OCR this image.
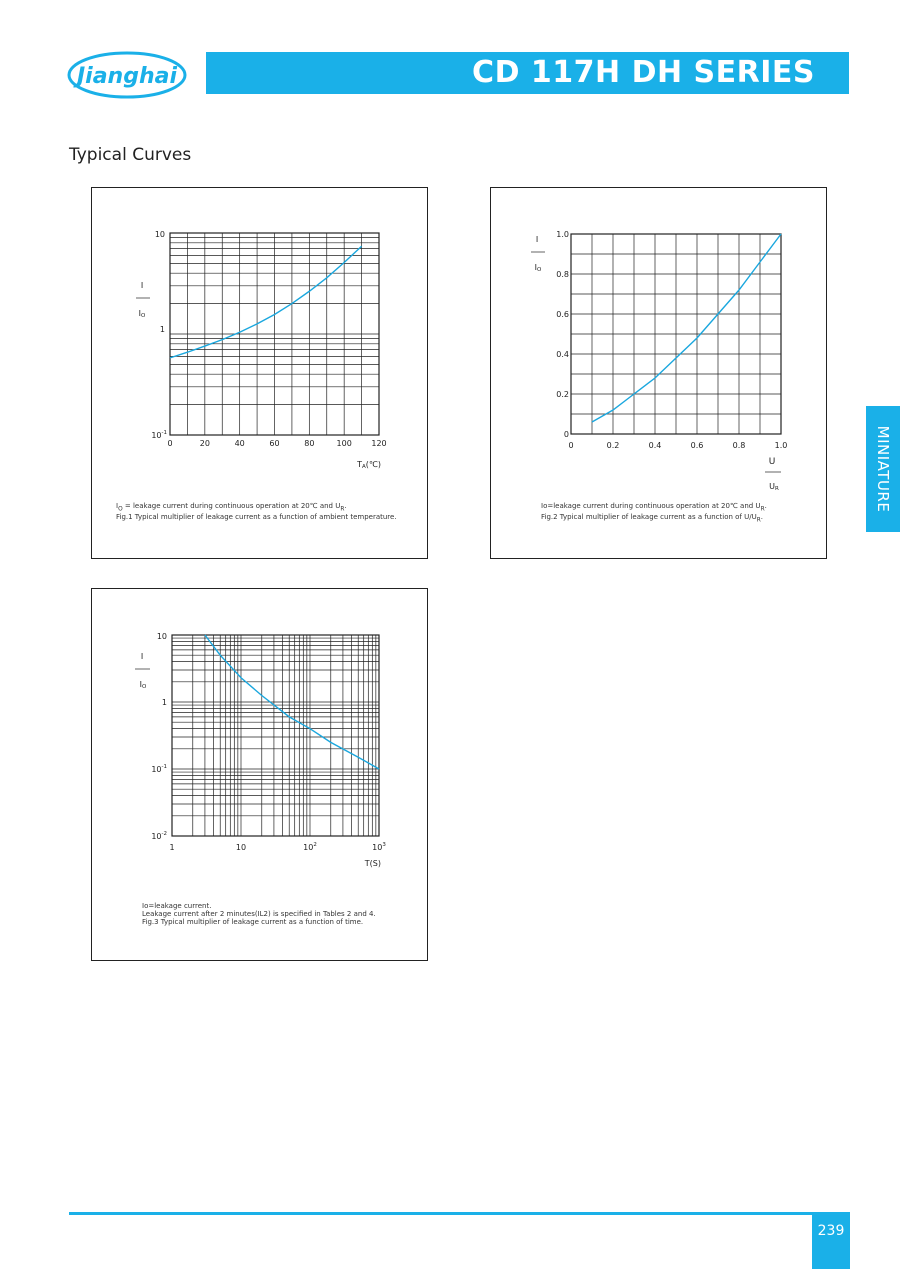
Jianghai	CD 117H DH SERIES
Typical Curves
MINIATURE
0	20	40	60	80	100 120
10
1
$10^{-1}$
I
IO
TA(℃)
$I_O$ = leakage current during continuous operation at 20℃ and $U_R$.
Fig.1 Typical multiplier of leakage current as a function of ambient temperature.
0	0.2	0.4	0.6	0.8	1.0
0
0.2
0.4
0.6
0.8
1.0
I
IO
U
UR
Io=leakage current during continuous operation at 20℃ and $U_R$.
Fig.2 Typical multiplier of leakage current as a function of $U/U_R$.
1	10	$10^2$	$10^3$
10
1
$10^{-1}$
$10^{-2}$
I
IO
T(S)
Io=leakage current.
Leakage current after 2 minutes(IL2) is specified in Tables 2 and 4.
Fig.3 Typical multiplier of leakage current as a function of time.
239
